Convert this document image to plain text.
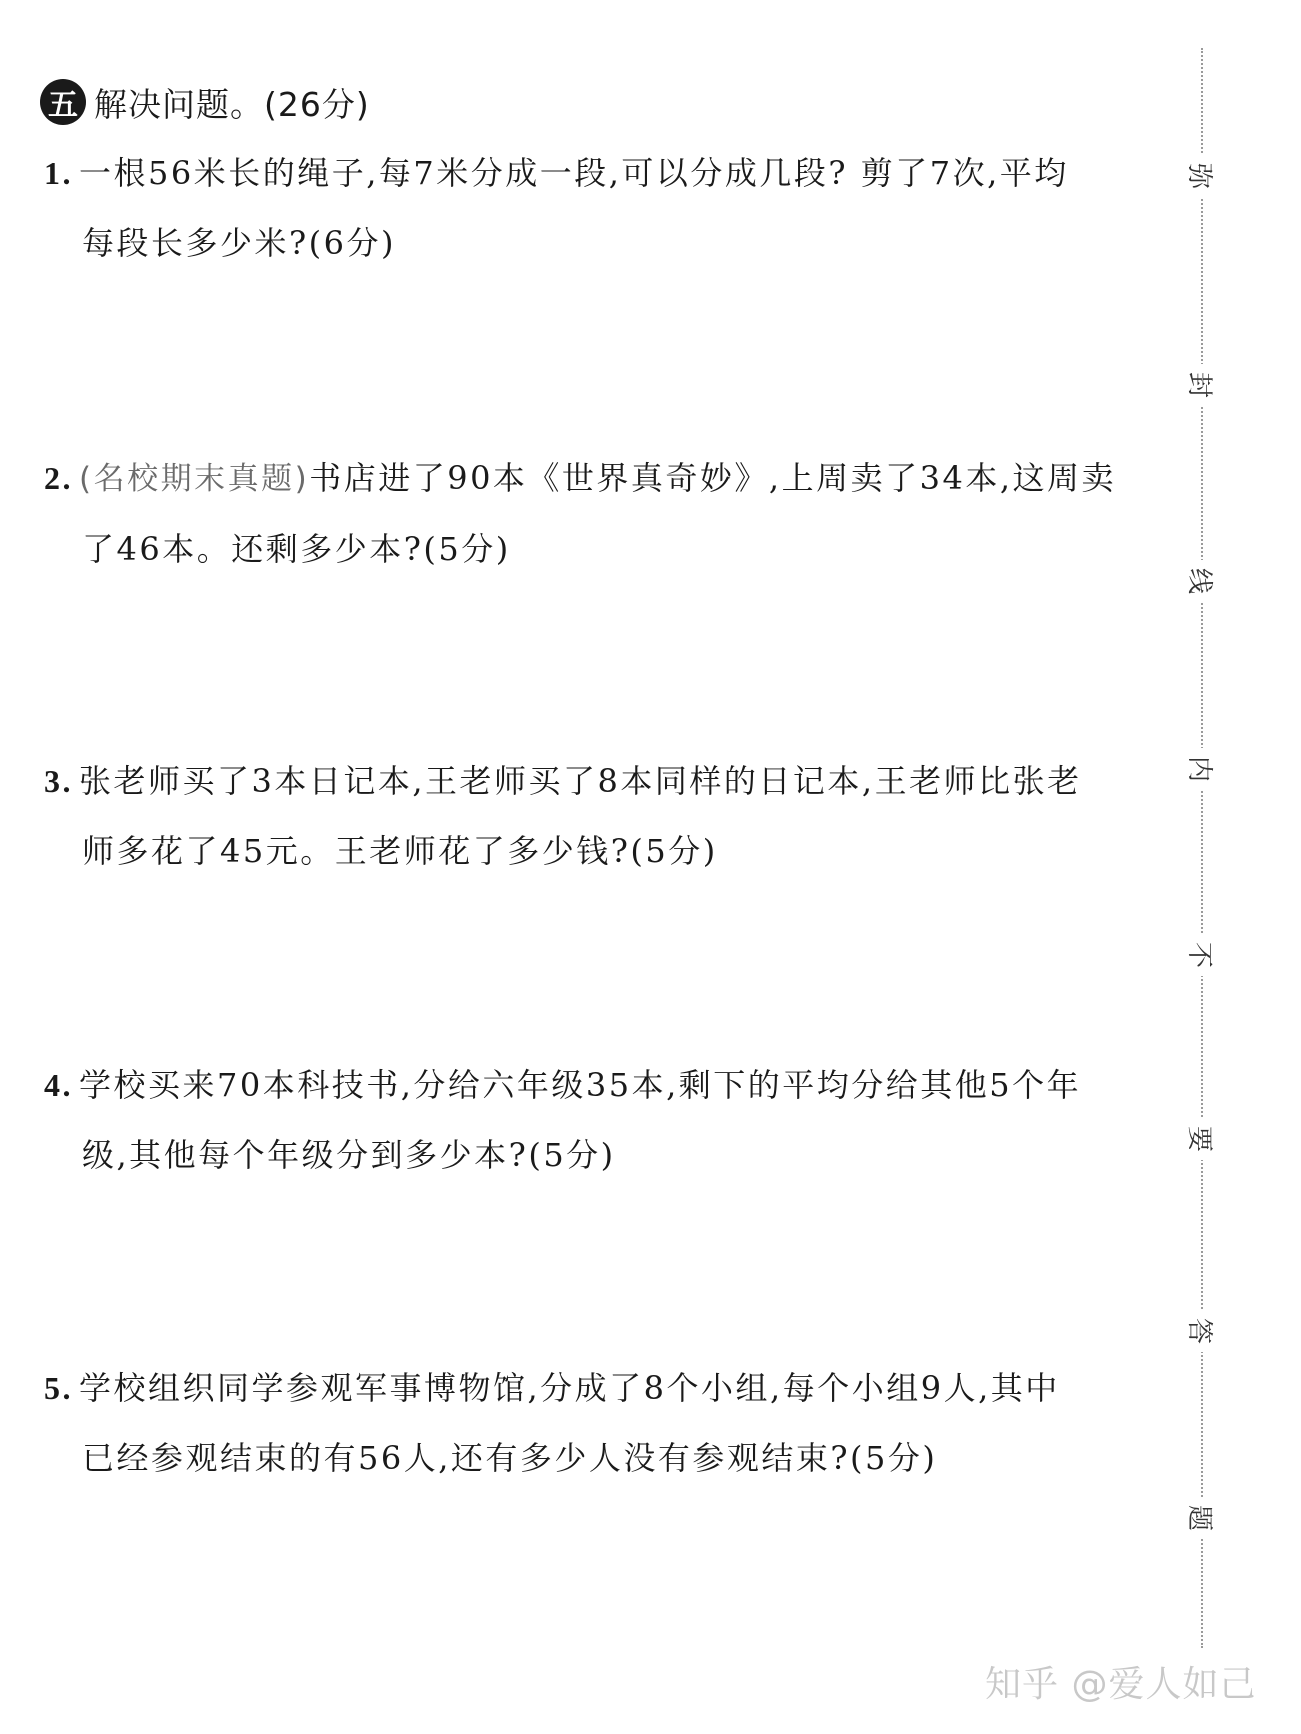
五 解决问题。(26分)
1. 一根56米长的绳子,每7米分成一段,可以分成几段? 剪了7次,平均
每段长多少米?(6分)
2. (名校期末真题)书店进了90本《世界真奇妙》,上周卖了34本,这周卖
了46本。还剩多少本?(5分)
3. 张老师买了3本日记本,王老师买了8本同样的日记本,王老师比张老
师多花了45元。王老师花了多少钱?(5分)
4. 学校买来70本科技书,分给六年级35本,剩下的平均分给其他5个年
级,其他每个年级分到多少本?(5分)
5. 学校组织同学参观军事博物馆,分成了8个小组,每个小组9人,其中
已经参观结束的有56人,还有多少人没有参观结束?(5分)
弥
封
线
内
不
要
答
题
知乎 @爱人如己
